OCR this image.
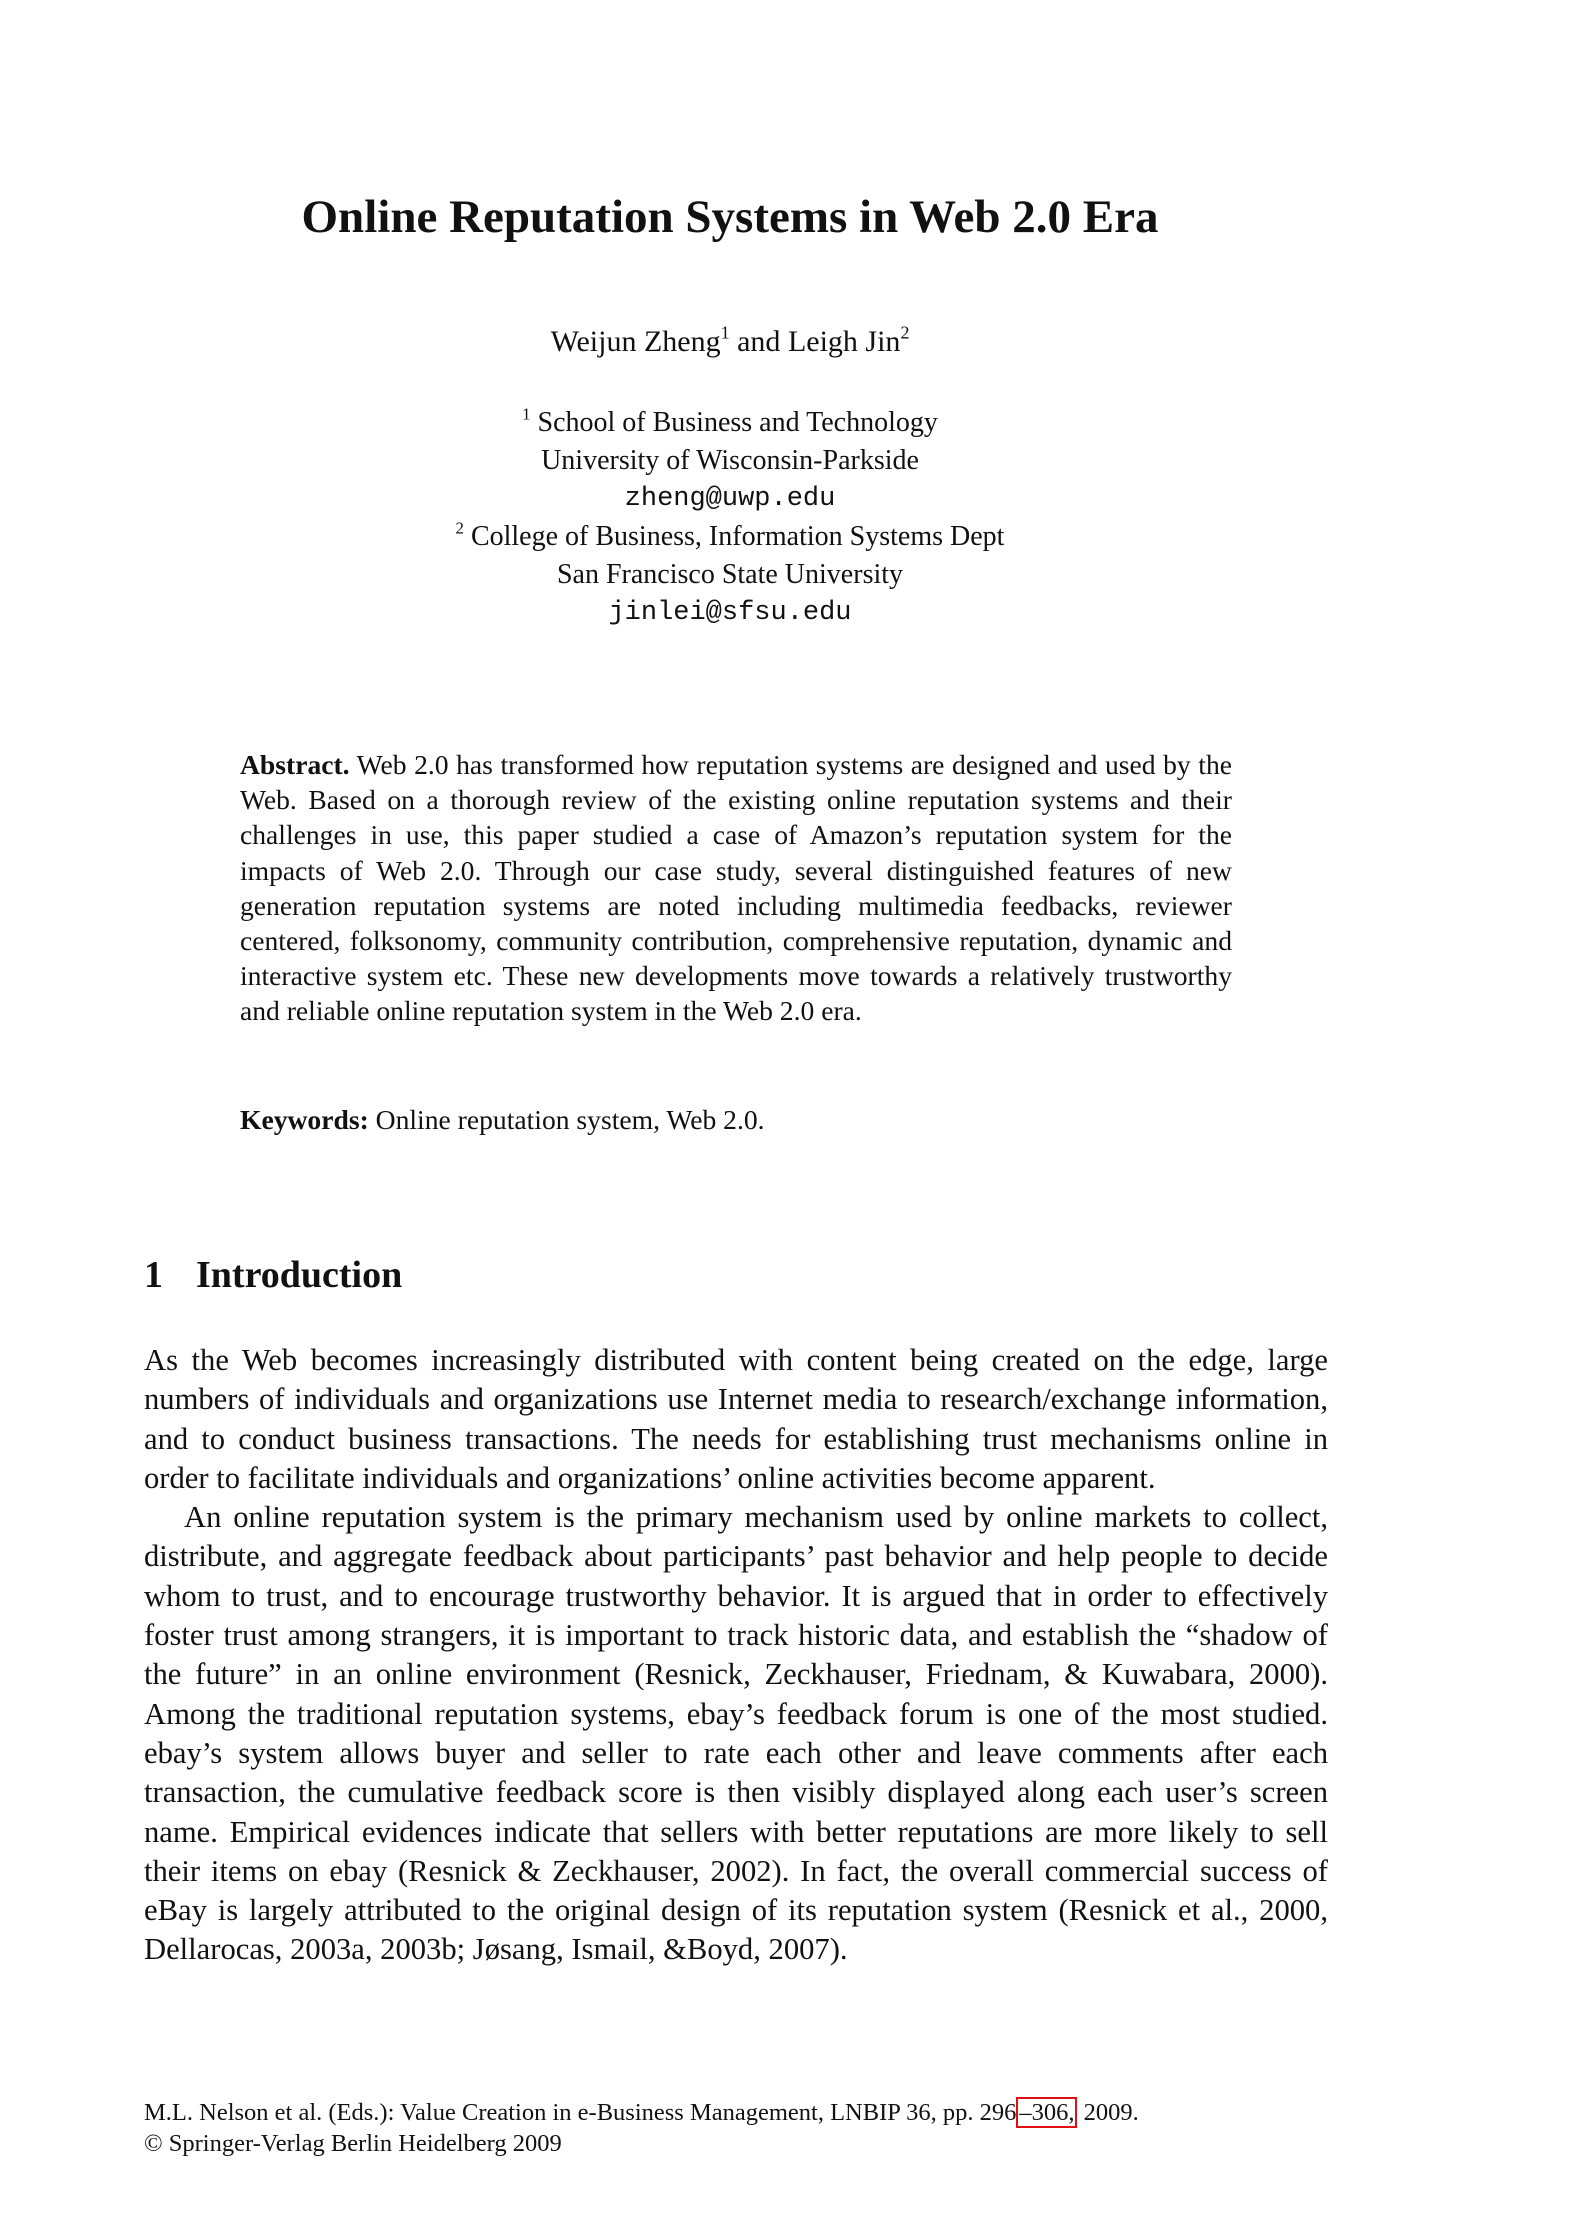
Online Reputation Systems in Web 2.0 Era
Weijun Zheng$^1$ and Leigh Jin$^2$
$^1$ School of Business and Technology
University of Wisconsin-Parkside
zheng@uwp.edu
$^2$ College of Business, Information Systems Dept
San Francisco State University
jinlei@sfsu.edu
Abstract. Web 2.0 has transformed how reputation systems are designed and used by the Web. Based on a thorough review of the existing online reputation systems and their challenges in use, this paper studied a case of Amazon’s reputation system for the impacts of Web 2.0. Through our case study, several distinguished features of new generation reputation systems are noted including multimedia feedbacks, reviewer centered, folksonomy, community contribution, comprehensive reputation, dynamic and interactive system etc. These new developments move towards a relatively trustworthy and reliable online reputation system in the Web 2.0 era.
Keywords: Online reputation system, Web 2.0.
1 Introduction

As the Web becomes increasingly distributed with content being created on the edge, large numbers of individuals and organizations use Internet media to research/exchange information, and to conduct business transactions. The needs for establishing trust mechanisms online in order to facilitate individuals and organizations’ online activities become apparent.

An online reputation system is the primary mechanism used by online markets to collect, distribute, and aggregate feedback about participants’ past behavior and help people to decide whom to trust, and to encourage trustworthy behavior. It is argued that in order to effectively foster trust among strangers, it is important to track historic data, and establish the “shadow of the future” in an online environment (Resnick, Zeckhauser, Friednam, & Kuwabara, 2000). Among the traditional reputation systems, ebay’s feedback forum is one of the most studied. ebay’s system allows buyer and seller to rate each other and leave comments after each transaction, the cumulative feedback score is then visibly displayed along each user’s screen name. Empirical evidences indicate that sellers with better reputations are more likely to sell their items on ebay (Resnick & Zeckhauser, 2002). In fact, the overall commercial success of eBay is largely attributed to the original design of its reputation system (Resnick et al., 2000, Dellarocas, 2003a, 2003b; Jøsang, Ismail, &Boyd, 2007).

M.L. Nelson et al. (Eds.): Value Creation in e-Business Management, LNBIP 36, pp. 296 –306, 2009.
© Springer-Verlag Berlin Heidelberg 2009
